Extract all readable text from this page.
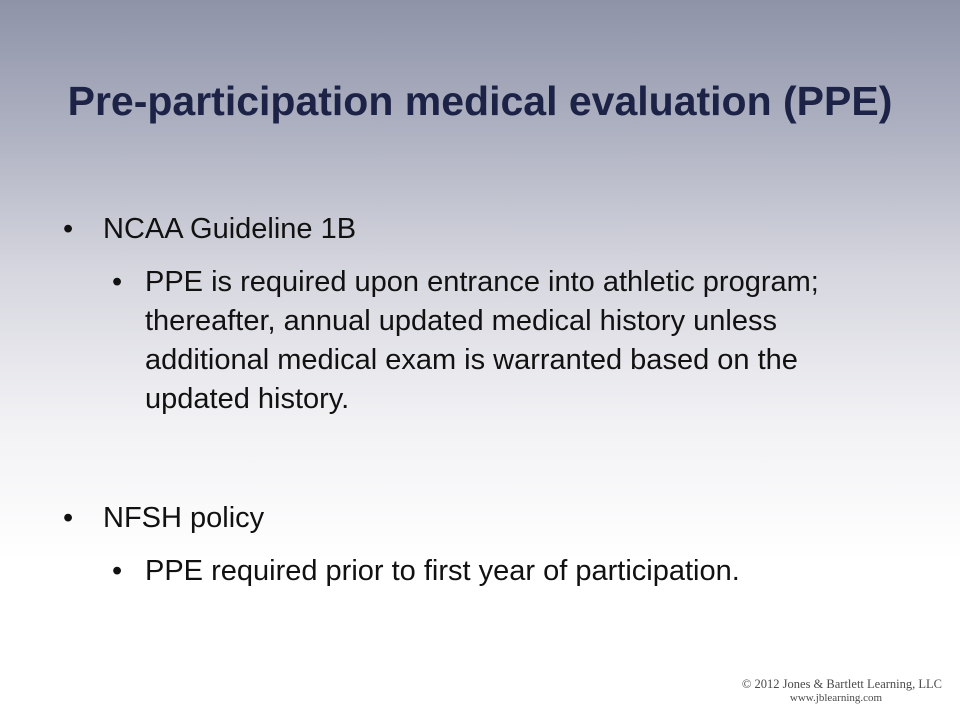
Pre-participation medical evaluation (PPE)

• NCAA Guideline 1B

• PPE is required upon entrance into athletic program; thereafter, annual updated medical history unless additional medical exam is warranted based on the updated history.

• NFSH policy

• PPE required prior to first year of participation.

© 2012 Jones & Bartlett Learning, LLC
www.jblearning.com
